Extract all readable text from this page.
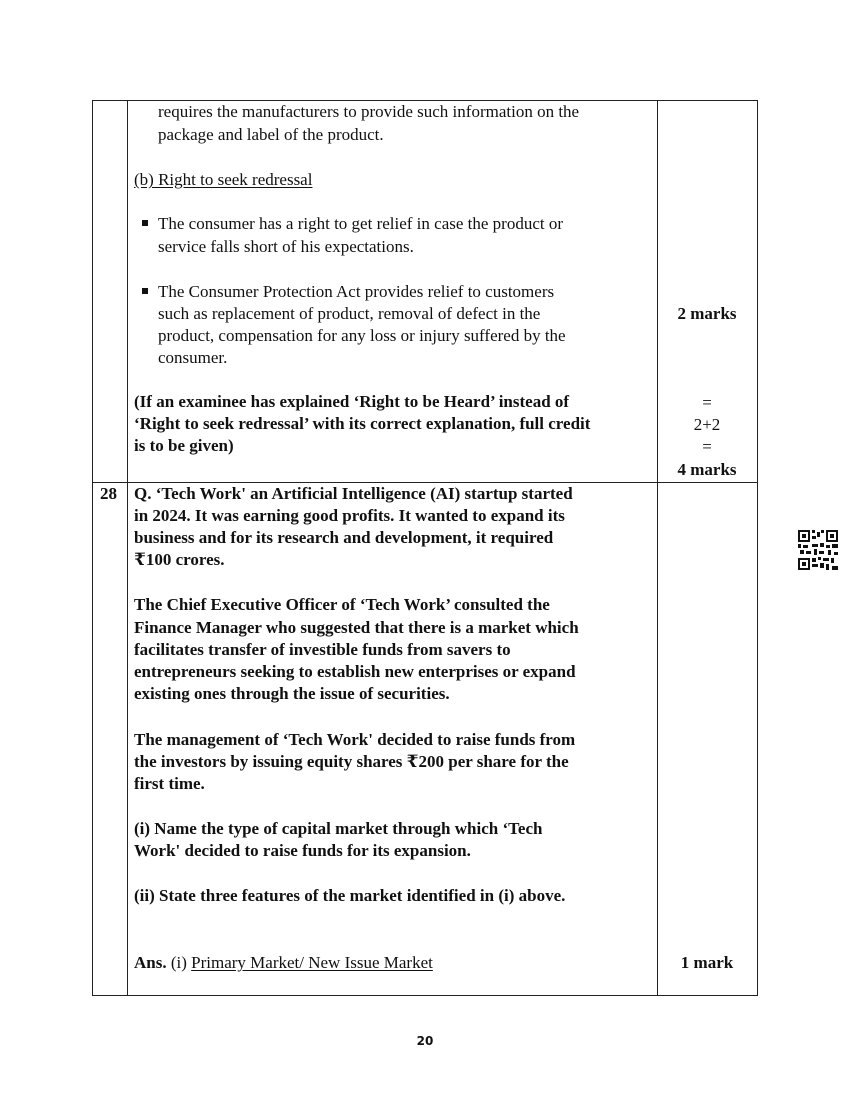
requires the manufacturers to provide such information on the
package and label of the product.
(b) Right to seek redressal
The consumer has a right to get relief in case the product or
service falls short of his expectations.
The Consumer Protection Act provides relief to customers
such as replacement of product, removal of defect in the
product, compensation for any loss or injury suffered by the
consumer.
(If an examinee has explained ‘Right to be Heard’ instead of
‘Right to seek redressal’ with its correct explanation, full credit
is to be given)
2 marks
=
2+2
=
4 marks
28 Q. ‘Tech Work' an Artificial Intelligence (AI) startup started
in 2024. It was earning good profits. It wanted to expand its
business and for its research and development, it required
₹100 crores.
The Chief Executive Officer of ‘Tech Work’ consulted the
Finance Manager who suggested that there is a market which
facilitates transfer of investible funds from savers to
entrepreneurs seeking to establish new enterprises or expand
existing ones through the issue of securities.
The management of ‘Tech Work' decided to raise funds from
the investors by issuing equity shares ₹200 per share for the
first time.
(i) Name the type of capital market through which ‘Tech
Work' decided to raise funds for its expansion.
(ii) State three features of the market identified in (i) above.
Ans. (i) Primary Market/ New Issue Market	1 mark
20
